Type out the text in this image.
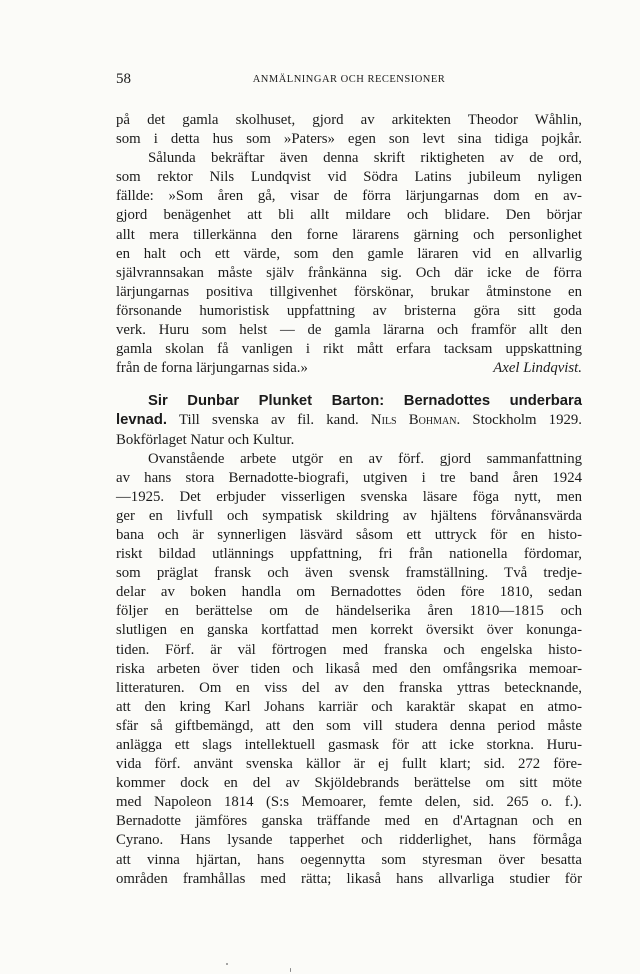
58	ANMÄLNINGAR OCH RECENSIONER
på det gamla skolhuset, gjord av arkitekten Theodor Wåhlin,
som i detta hus som »Paters» egen son levt sina tidiga pojkår.
Sålunda bekräftar även denna skrift riktigheten av de ord,
som rektor Nils Lundqvist vid Södra Latins jubileum nyligen
fällde: »Som åren gå, visar de förra lärjungarnas dom en av-
gjord benägenhet att bli allt mildare och blidare. Den börjar
allt mera tillerkänna den forne lärarens gärning och personlighet
en halt och ett värde, som den gamle läraren vid en allvarlig
självrannsakan måste själv frånkänna sig. Och där icke de förra
lärjungarnas positiva tillgivenhet förskönar, brukar åtminstone en
försonande humoristisk uppfattning av bristerna göra sitt goda
verk. Huru som helst — de gamla lärarna och framför allt den
gamla skolan få vanligen i rikt mått erfara tacksam uppskattning
från de forna lärjungarnas sida.»	Axel Lindqvist.
Sir Dunbar Plunket Barton: Bernadottes underbara
levnad. Till svenska av fil. kand. Nils Bohman. Stockholm 1929.
Bokförlaget Natur och Kultur.
Ovanstående arbete utgör en av förf. gjord sammanfattning
av hans stora Bernadotte-biografi, utgiven i tre band åren 1924
—1925. Det erbjuder visserligen svenska läsare föga nytt, men
ger en livfull och sympatisk skildring av hjältens förvånansvärda
bana och är synnerligen läsvärd såsom ett uttryck för en histo-
riskt bildad utlännings uppfattning, fri från nationella fördomar,
som präglat fransk och även svensk framställning. Två tredje-
delar av boken handla om Bernadottes öden före 1810, sedan
följer en berättelse om de händelserika åren 1810—1815 och
slutligen en ganska kortfattad men korrekt översikt över konunga-
tiden. Förf. är väl förtrogen med franska och engelska histo-
riska arbeten över tiden och likaså med den omfångsrika memoar-
litteraturen. Om en viss del av den franska yttras betecknande,
att den kring Karl Johans karriär och karaktär skapat en atmo-
sfär så giftbemängd, att den som vill studera denna period måste
anlägga ett slags intellektuell gasmask för att icke storkna. Huru-
vida förf. använt svenska källor är ej fullt klart; sid. 272 före-
kommer dock en del av Skjöldebrands berättelse om sitt möte
med Napoleon 1814 (S:s Memoarer, femte delen, sid. 265 o. f.).
Bernadotte jämföres ganska träffande med en d'Artagnan och en
Cyrano. Hans lysande tapperhet och ridderlighet, hans förmåga
att vinna hjärtan, hans oegennytta som styresman över besatta
områden framhållas med rätta; likaså hans allvarliga studier för
